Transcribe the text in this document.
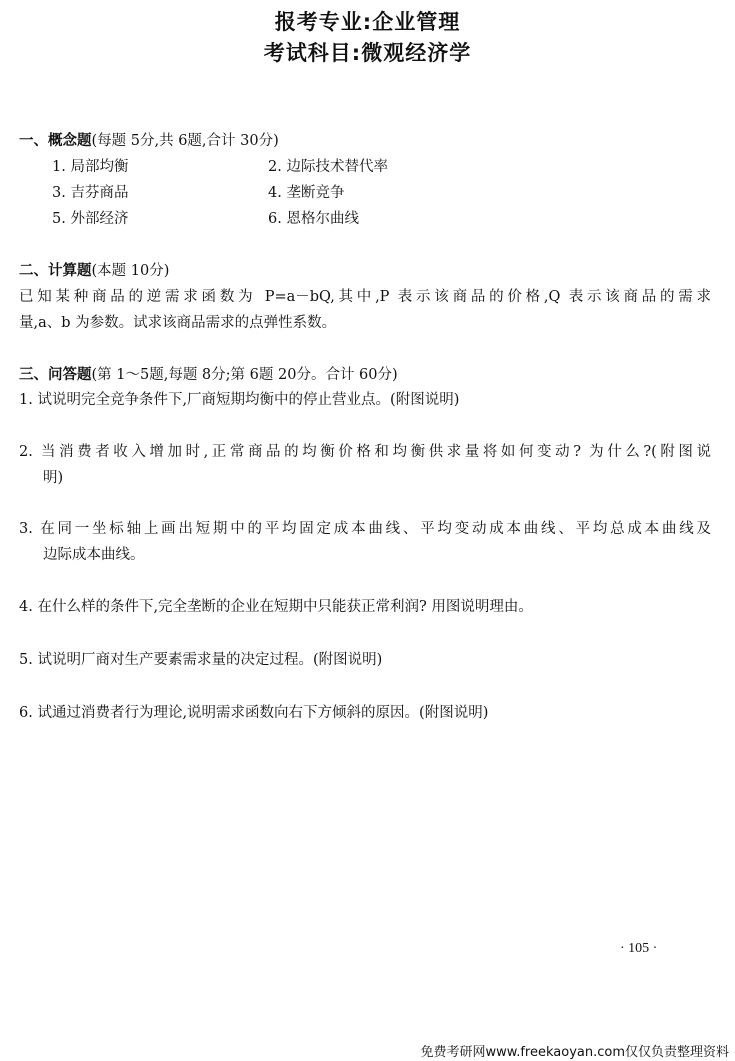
报考专业:企业管理
考试科目:微观经济学
一、概念题(每题 5分,共 6题,合计 30分)
1. 局部均衡	2. 边际技术替代率
3. 吉芬商品	4. 垄断竞争
5. 外部经济	6. 恩格尔曲线
二、计算题(本题 10分)
已知某种商品的逆需求函数为 P=a－bQ,其中,P 表示该商品的价格,Q 表示该商品的需求
量,a、b 为参数。试求该商品需求的点弹性系数。
三、问答题(第 1～5题,每题 8分;第 6题 20分。合计 60分)
1. 试说明完全竞争条件下,厂商短期均衡中的停止营业点。(附图说明)
2. 当消费者收入增加时,正常商品的均衡价格和均衡供求量将如何变动? 为什么?(附图说
明)
3. 在同一坐标轴上画出短期中的平均固定成本曲线、平均变动成本曲线、平均总成本曲线及
边际成本曲线。
4. 在什么样的条件下,完全垄断的企业在短期中只能获正常利润? 用图说明理由。
5. 试说明厂商对生产要素需求量的决定过程。(附图说明)
6. 试通过消费者行为理论,说明需求函数向右下方倾斜的原因。(附图说明)
· 105 ·
免费考研网www.freekaoyan.com仅仅负责整理资料
